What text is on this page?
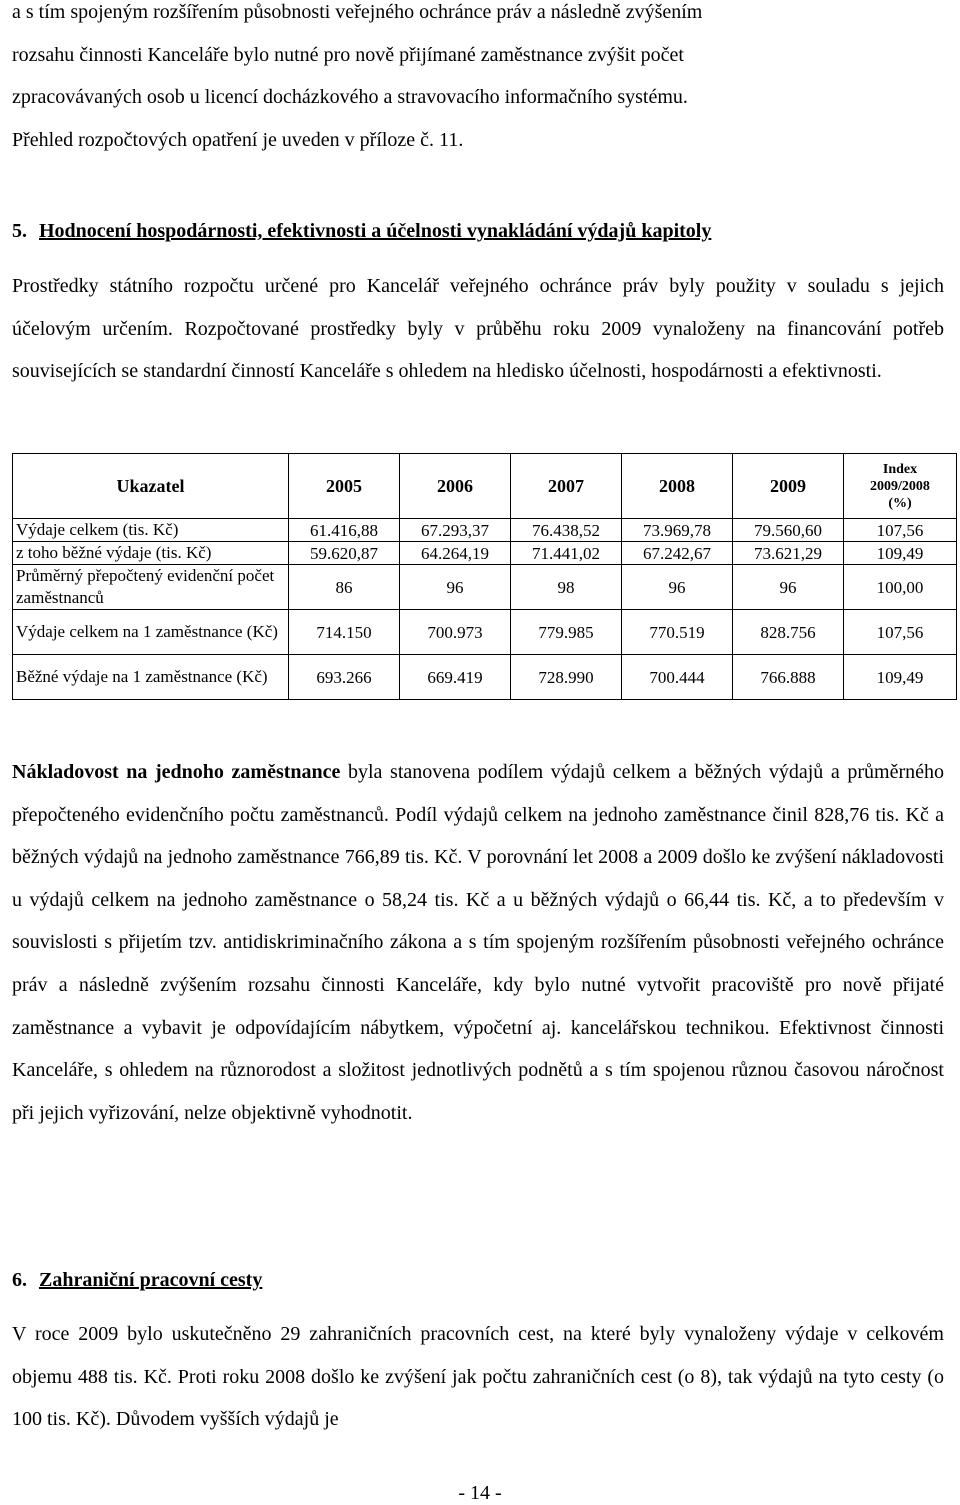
a s tím spojeným rozšířením působnosti veřejného ochránce práv a následně zvýšením

rozsahu činnosti Kanceláře bylo nutné pro nově přijímané zaměstnance zvýšit počet

zpracovávaných osob u licencí docházkového a stravovacího informačního systému.

Přehled rozpočtových opatření je uveden v příloze č. 11.

5. Hodnocení hospodárnosti, efektivnosti a účelnosti vynakládání výdajů kapitoly

Prostředky státního rozpočtu určené pro Kancelář veřejného ochránce práv byly použity v souladu s jejich účelovým určením. Rozpočtované prostředky byly v průběhu roku 2009 vynaloženy na financování potřeb souvisejících se standardní činností Kanceláře s ohledem na hledisko účelnosti, hospodárnosti a efektivnosti.

Ukazatel	2005	2006	2007	2008	2009	Index
2009/2008
(%)

Výdaje celkem (tis. Kč)	61.416,88	67.293,37	76.438,52	73.969,78	79.560,60	107,56
z toho běžné výdaje (tis. Kč)	59.620,87	64.264,19	71.441,02	67.242,67	73.621,29	109,49
Průměrný přepočtený evidenční počet zaměstnanců	86	96	98	96	96	100,00
Výdaje celkem na 1 zaměstnance (Kč)	714.150	700.973	779.985	770.519	828.756	107,56
Běžné výdaje na 1 zaměstnance (Kč)	693.266	669.419	728.990	700.444	766.888	109,49

Nákladovost na jednoho zaměstnance byla stanovena podílem výdajů celkem a běžných výdajů a průměrného přepočteného evidenčního počtu zaměstnanců. Podíl výdajů celkem na jednoho zaměstnance činil 828,76 tis. Kč a běžných výdajů na jednoho zaměstnance 766,89 tis. Kč. V porovnání let 2008 a 2009 došlo ke zvýšení nákladovosti u výdajů celkem na jednoho zaměstnance o 58,24 tis. Kč a u běžných výdajů o 66,44 tis. Kč, a to především v souvislosti s přijetím tzv. antidiskriminačního zákona a s tím spojeným rozšířením působnosti veřejného ochránce práv a následně zvýšením rozsahu činnosti Kanceláře, kdy bylo nutné vytvořit pracoviště pro nově přijaté zaměstnance a vybavit je odpovídajícím nábytkem, výpočetní aj. kancelářskou technikou. Efektivnost činnosti Kanceláře, s ohledem na různorodost a složitost jednotlivých podnětů a s tím spojenou různou časovou náročnost při jejich vyřizování, nelze objektivně vyhodnotit.

6. Zahraniční pracovní cesty

V roce 2009 bylo uskutečněno 29 zahraničních pracovních cest, na které byly vynaloženy výdaje v celkovém objemu 488 tis. Kč. Proti roku 2008 došlo ke zvýšení jak počtu zahraničních cest (o 8), tak výdajů na tyto cesty (o 100 tis. Kč). Důvodem vyšších výdajů je

- 14 -
